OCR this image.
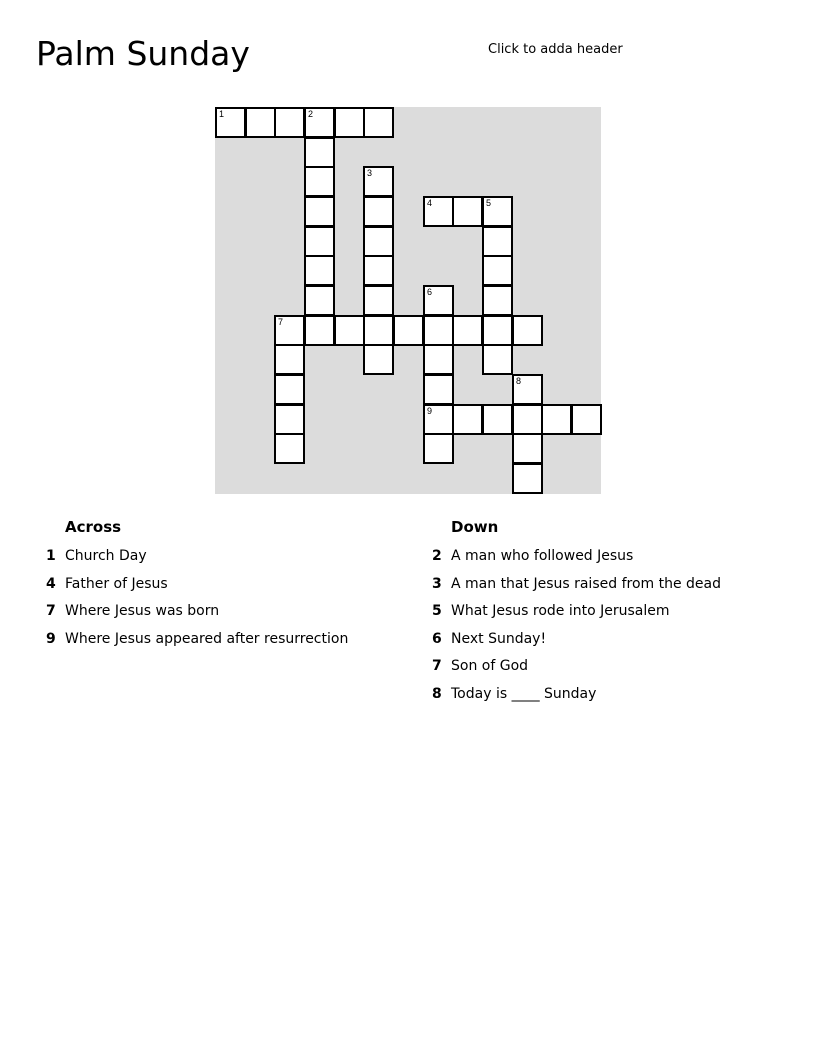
Palm Sunday	Click to adda header
1	2
3
4	5
6
9
7
8
Across
1 Church Day
4 Father of Jesus
7 Where Jesus was born
9 Where Jesus appeared after resurrection
Down
2 A man who followed Jesus
3 A man that Jesus raised from the dead
5 What Jesus rode into Jerusalem
6 Next Sunday!
7 Son of God
8 Today is ____ Sunday
